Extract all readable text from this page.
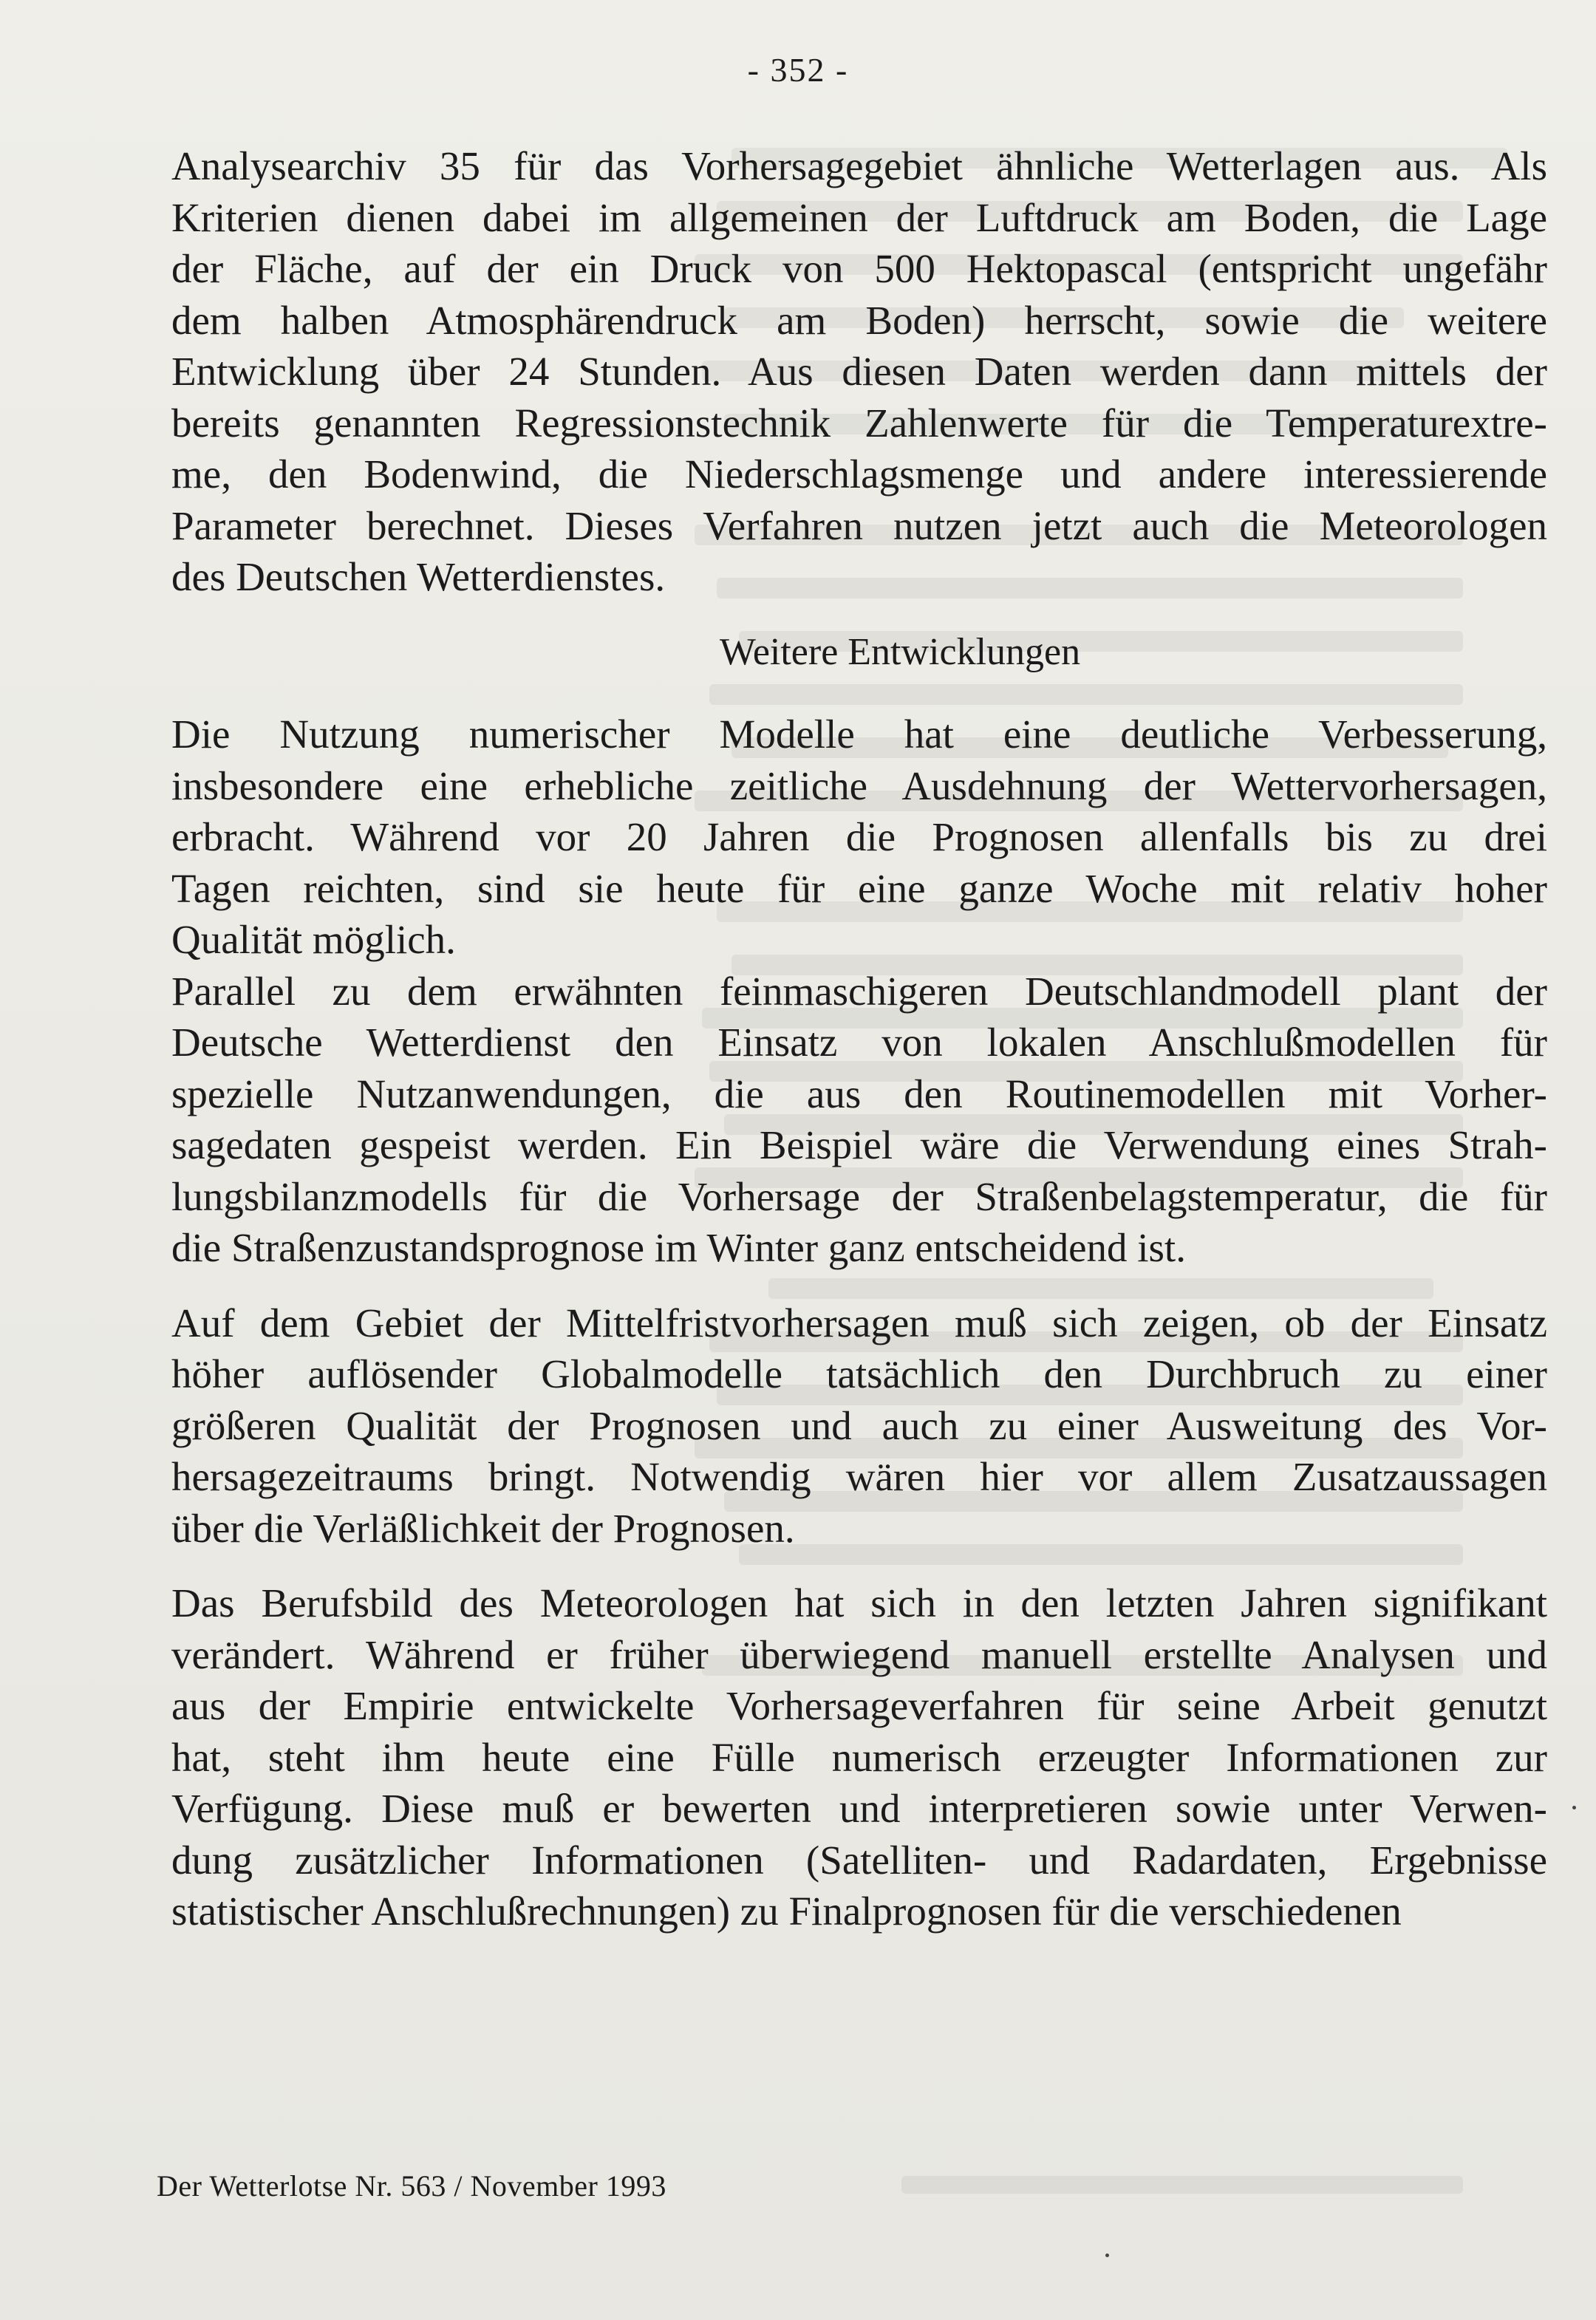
- 352 -

Analysearchiv 35 für das Vorhersagegebiet ähnliche Wetterlagen aus. Als

Kriterien dienen dabei im allgemeinen der Luftdruck am Boden, die Lage

der Fläche, auf der ein Druck von 500 Hektopascal (entspricht ungefähr

dem halben Atmosphärendruck am Boden) herrscht, sowie die weitere

Entwicklung über 24 Stunden. Aus diesen Daten werden dann mittels der

bereits genannten Regressionstechnik Zahlenwerte für die Temperaturextre-

me, den Bodenwind, die Niederschlagsmenge und andere interessierende

Parameter berechnet. Dieses Verfahren nutzen jetzt auch die Meteorologen

des Deutschen Wetterdienstes.

Weitere Entwicklungen

Die Nutzung numerischer Modelle hat eine deutliche Verbesserung,

insbesondere eine erhebliche zeitliche Ausdehnung der Wettervorhersagen,

erbracht. Während vor 20 Jahren die Prognosen allenfalls bis zu drei

Tagen reichten, sind sie heute für eine ganze Woche mit relativ hoher

Qualität möglich.

Parallel zu dem erwähnten feinmaschigeren Deutschlandmodell plant der

Deutsche Wetterdienst den Einsatz von lokalen Anschlußmodellen für

spezielle Nutzanwendungen, die aus den Routinemodellen mit Vorher-

sagedaten gespeist werden. Ein Beispiel wäre die Verwendung eines Strah-

lungsbilanzmodells für die Vorhersage der Straßenbelagstemperatur, die für

die Straßenzustandsprognose im Winter ganz entscheidend ist.

Auf dem Gebiet der Mittelfristvorhersagen muß sich zeigen, ob der Einsatz

höher auflösender Globalmodelle tatsächlich den Durchbruch zu einer

größeren Qualität der Prognosen und auch zu einer Ausweitung des Vor-

hersagezeitraums bringt. Notwendig wären hier vor allem Zusatzaussagen

über die Verläßlichkeit der Prognosen.

Das Berufsbild des Meteorologen hat sich in den letzten Jahren signifikant

verändert. Während er früher überwiegend manuell erstellte Analysen und

aus der Empirie entwickelte Vorhersageverfahren für seine Arbeit genutzt

hat, steht ihm heute eine Fülle numerisch erzeugter Informationen zur

Verfügung. Diese muß er bewerten und interpretieren sowie unter Verwen-

dung zusätzlicher Informationen (Satelliten- und Radardaten, Ergebnisse

statistischer Anschlußrechnungen) zu Finalprognosen für die verschiedenen

Der Wetterlotse Nr. 563 / November 1993
